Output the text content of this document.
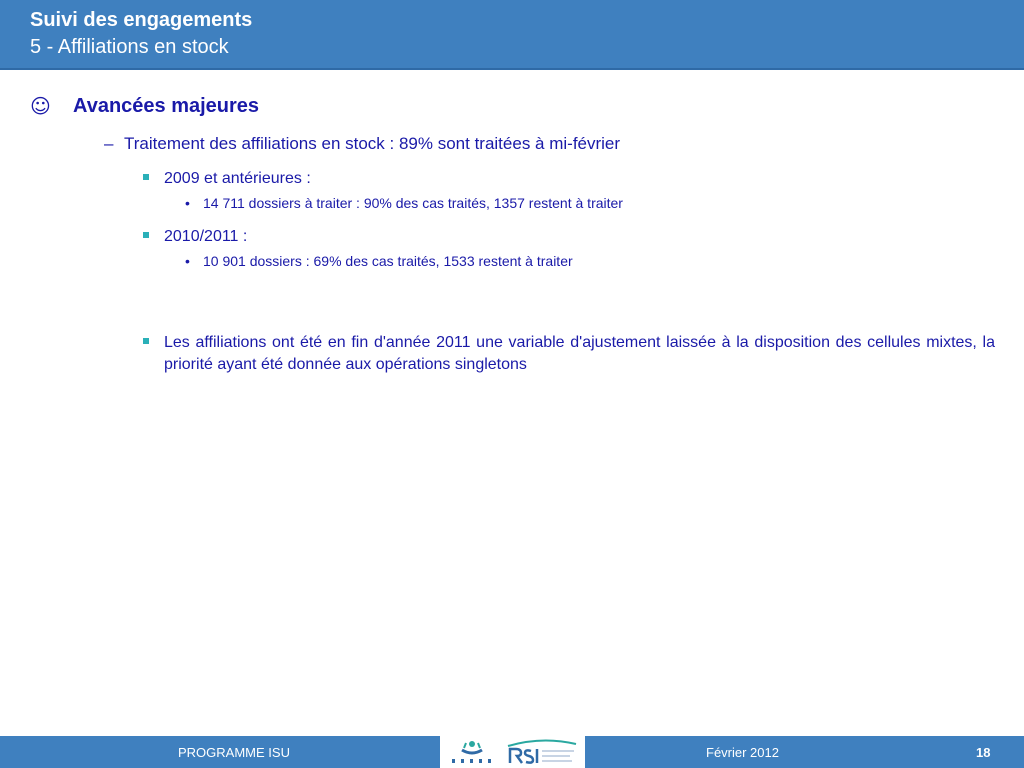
Suivi des engagements
5 - Affiliations en stock
☺ Avancées majeures
– Traitement des affiliations en stock : 89% sont traitées à mi-février
2009 et antérieures :
• 14 711 dossiers à traiter : 90% des cas traités, 1357 restent à traiter
2010/2011 :
• 10 901 dossiers : 69% des cas traités, 1533 restent à traiter
Les affiliations ont été en fin d'année 2011 une variable d'ajustement laissée à la disposition des cellules mixtes, la priorité ayant été donnée aux opérations singletons
PROGRAMME ISU	Février 2012	18
